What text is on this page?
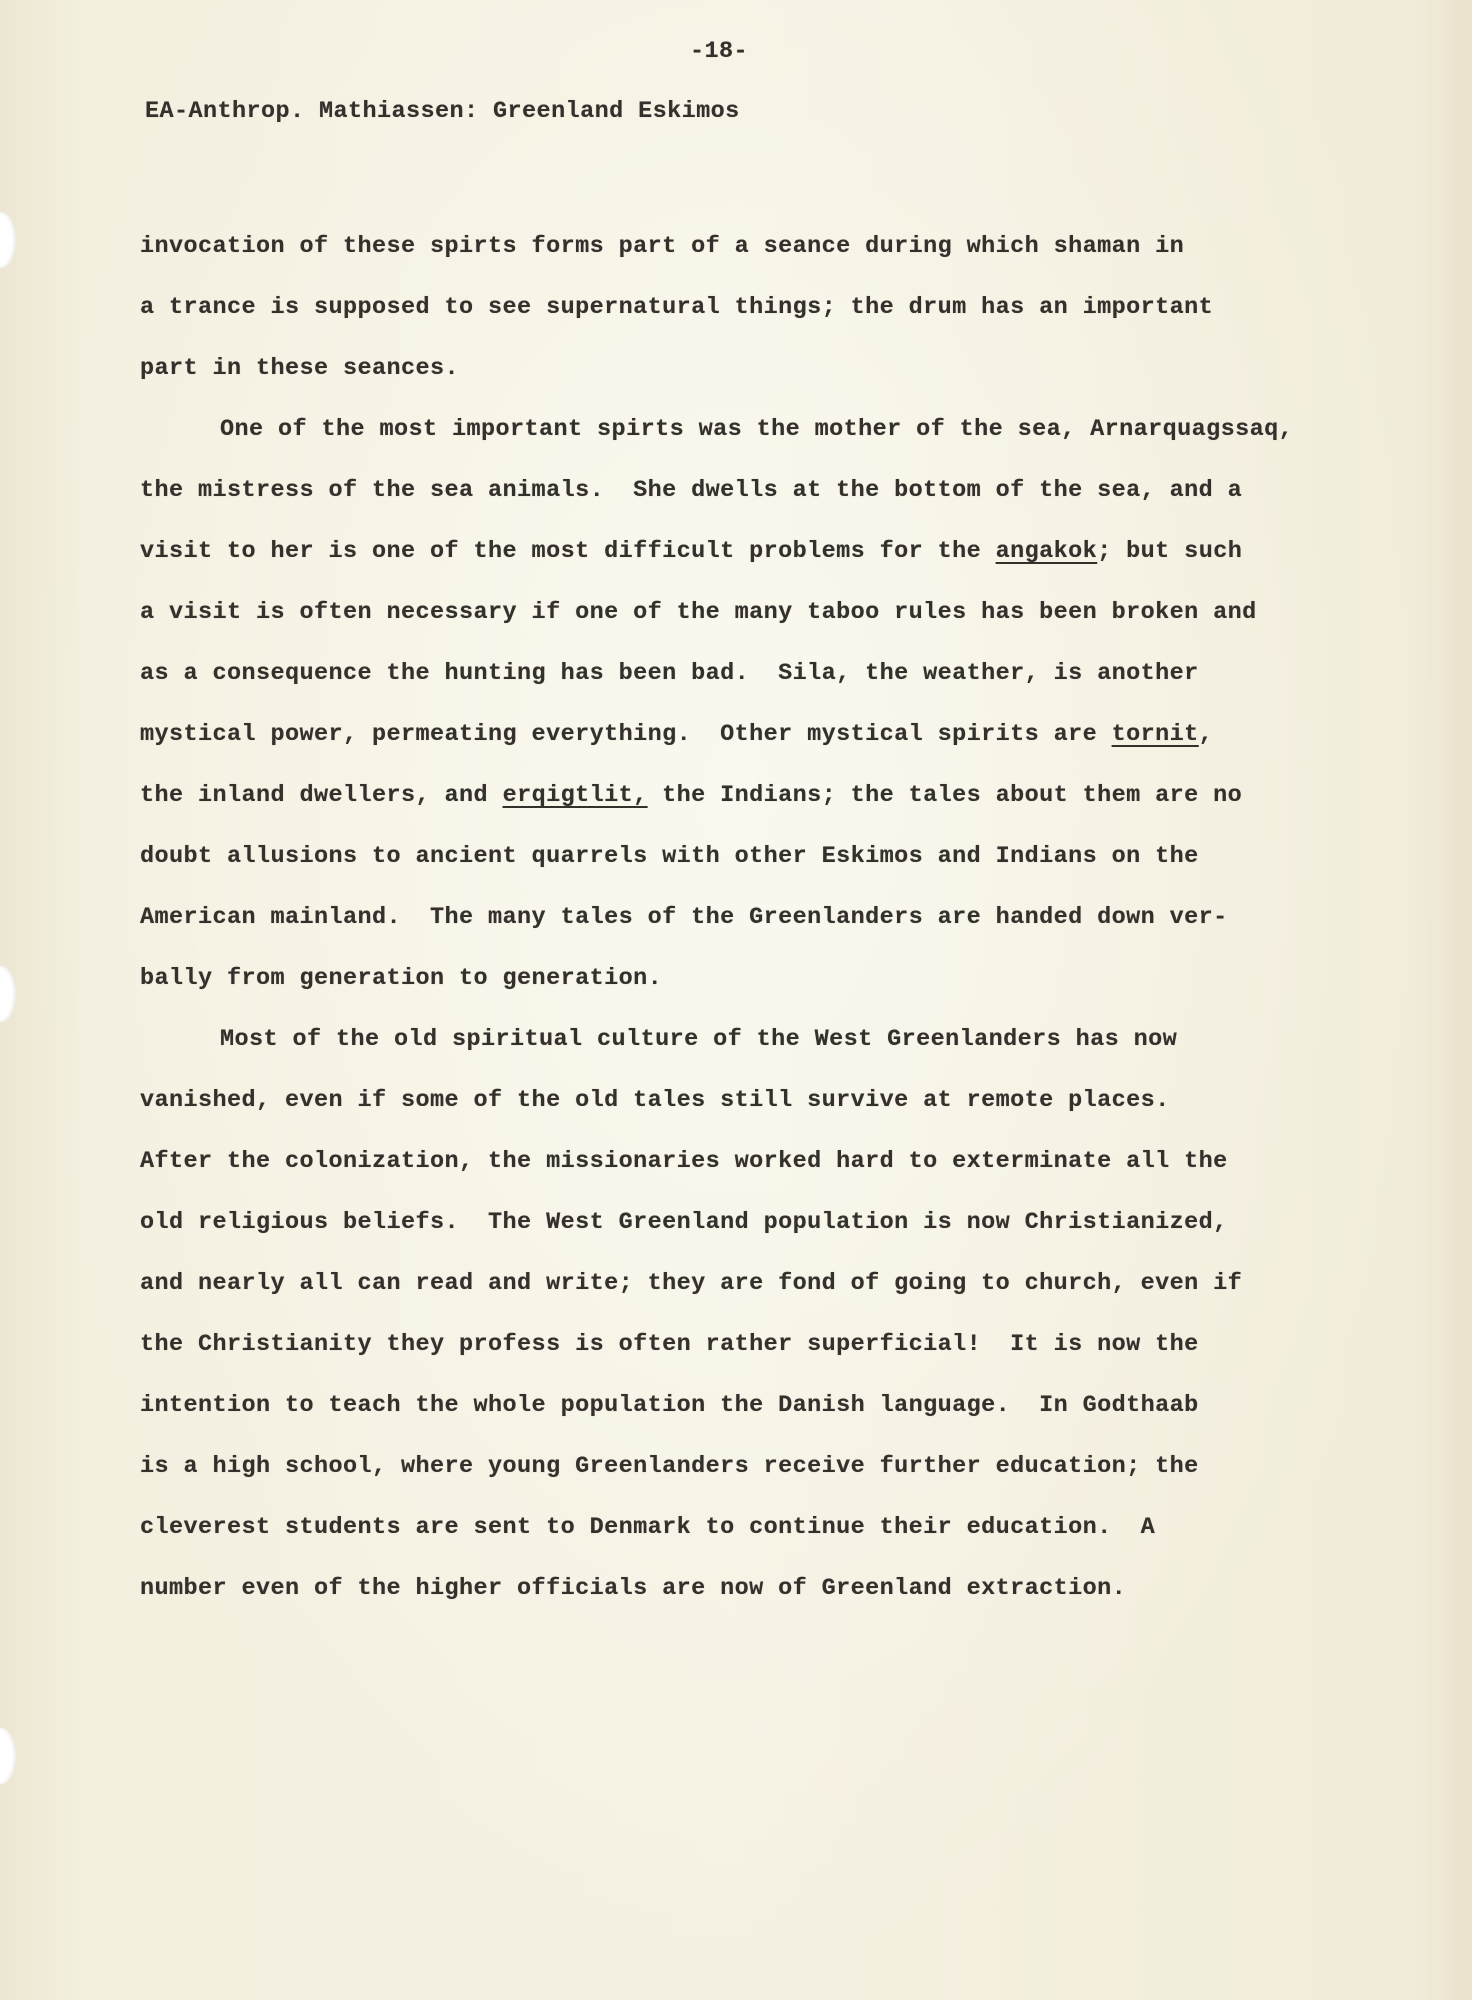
-18-
EA-Anthrop. Mathiassen: Greenland Eskimos
invocation of these spirts forms part of a seance during which shaman in
a trance is supposed to see supernatural things; the drum has an important
part in these seances.
One of the most important spirts was the mother of the sea, Arnarquagssaq,
the mistress of the sea animals.  She dwells at the bottom of the sea, and a
visit to her is one of the most difficult problems for the angakok; but such
a visit is often necessary if one of the many taboo rules has been broken and
as a consequence the hunting has been bad.  Sila, the weather, is another
mystical power, permeating everything.  Other mystical spirits are tornit,
the inland dwellers, and erqigtlit, the Indians; the tales about them are no
doubt allusions to ancient quarrels with other Eskimos and Indians on the
American mainland.  The many tales of the Greenlanders are handed down ver-
bally from generation to generation.
Most of the old spiritual culture of the West Greenlanders has now
vanished, even if some of the old tales still survive at remote places.
After the colonization, the missionaries worked hard to exterminate all the
old religious beliefs.  The West Greenland population is now Christianized,
and nearly all can read and write; they are fond of going to church, even if
the Christianity they profess is often rather superficial!  It is now the
intention to teach the whole population the Danish language.  In Godthaab
is a high school, where young Greenlanders receive further education; the
cleverest students are sent to Denmark to continue their education.  A
number even of the higher officials are now of Greenland extraction.
